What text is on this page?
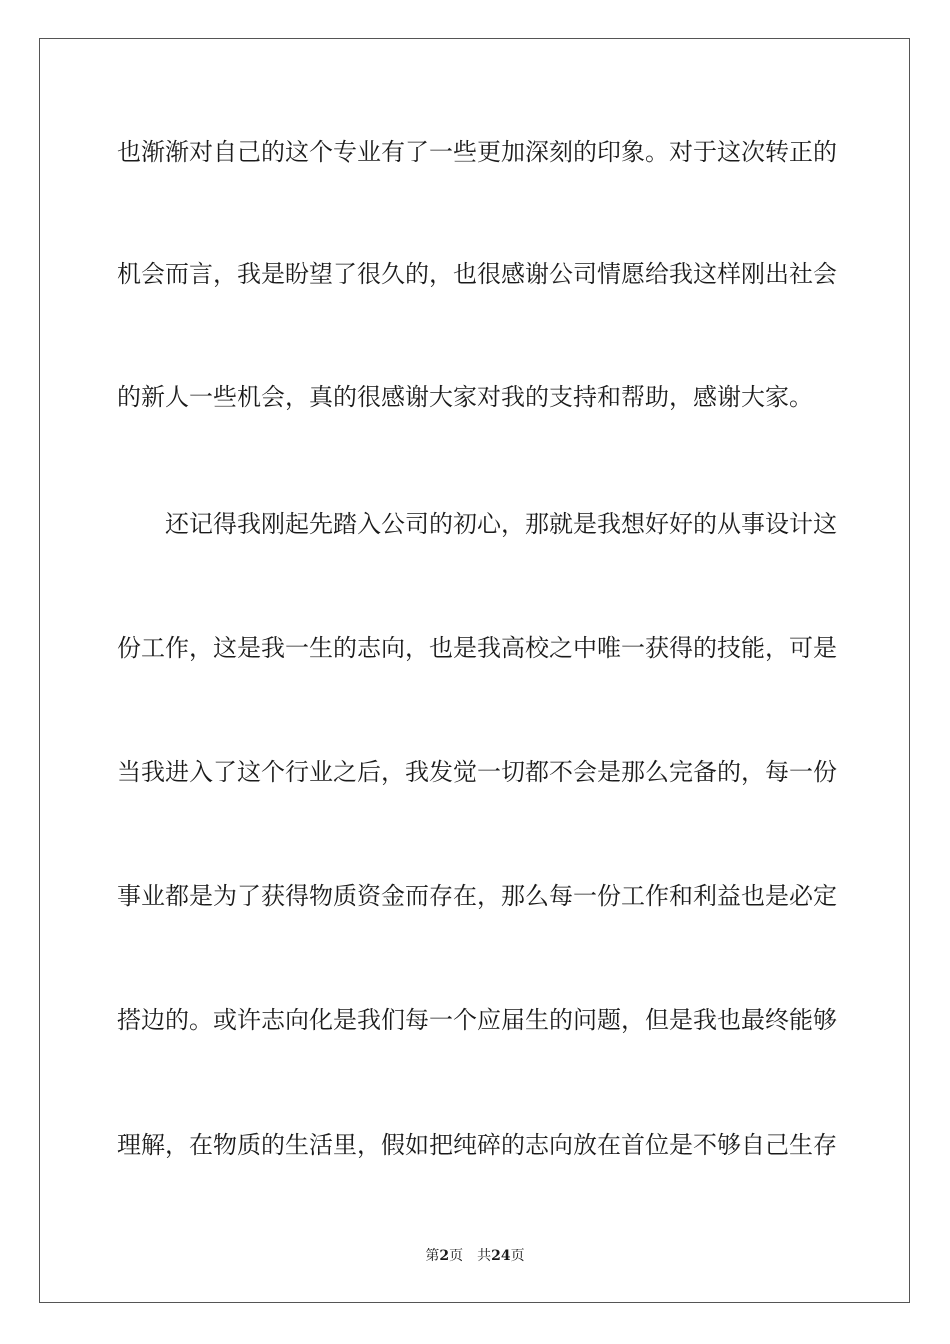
也渐渐对自己的这个专业有了一些更加深刻的印象。对于这次转正的
机会而言，我是盼望了很久的，也很感谢公司情愿给我这样刚出社会
的新人一些机会，真的很感谢大家对我的支持和帮助，感谢大家。
还记得我刚起先踏入公司的初心，那就是我想好好的从事设计这
份工作，这是我一生的志向，也是我高校之中唯一获得的技能，可是
当我进入了这个行业之后，我发觉一切都不会是那么完备的，每一份
事业都是为了获得物质资金而存在，那么每一份工作和利益也是必定
搭边的。或许志向化是我们每一个应届生的问题，但是我也最终能够
理解，在物质的生活里，假如把纯碎的志向放在首位是不够自己生存
第2页 共24页
